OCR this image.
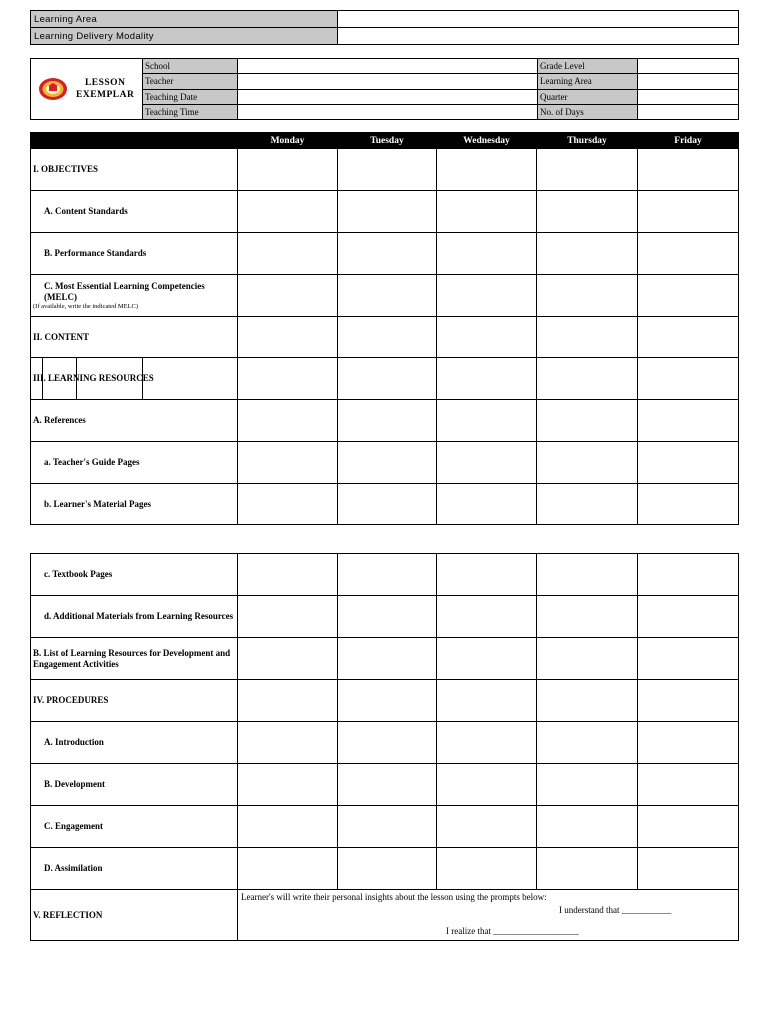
Learning Area	
Learning Delivery Modality	
LESSON
EXEMPLAR	School		Grade Level	
	Teacher		Learning Area	
	Teaching Date		Quarter	
	Teaching Time		No. of Days	
	Monday	Tuesday	Wednesday	Thursday	Friday
I. OBJECTIVES					
A. Content Standards					
B. Performance Standards					
C. Most Essential Learning Competencies (MELC)
(If available, write the indicated MELC)					

II. CONTENT					

III. LEARNING RESOURCES					
A. References					
a. Teacher's Guide Pages					
b. Learner's Material Pages					
c. Textbook Pages					

d. Additional Materials from Learning Resources					

B. List of Learning Resources for Development and Engagement Activities					
IV. PROCEDURES					
A. Introduction					
B. Development					
C. Engagement					
D. Assimilation					
V. REFLECTION	Learner's will write their personal insights about the lesson using the prompts below:
I understand that ___________
I realize that ___________________				
